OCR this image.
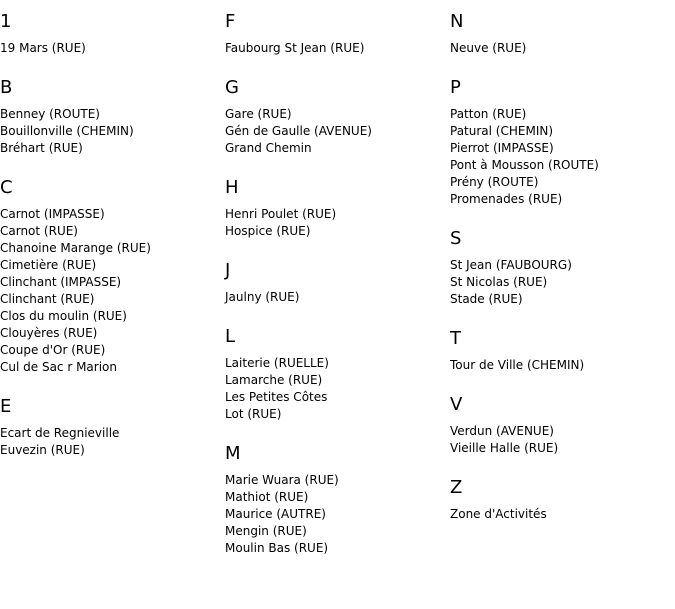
1
19 Mars (RUE)
B
Benney (ROUTE)
Bouillonville (CHEMIN)
Bréhart (RUE)
C
Carnot (IMPASSE)
Carnot (RUE)
Chanoine Marange (RUE)
Cimetière (RUE)
Clinchant (IMPASSE)
Clinchant (RUE)
Clos du moulin (RUE)
Clouyères (RUE)
Coupe d'Or (RUE)
Cul de Sac r Marion
E
Ecart de Regnieville
Euvezin (RUE)
F
Faubourg St Jean (RUE)
G
Gare (RUE)
Gén de Gaulle (AVENUE)
Grand Chemin
H
Henri Poulet (RUE)
Hospice (RUE)
J
Jaulny (RUE)
L
Laiterie (RUELLE)
Lamarche (RUE)
Les Petites Côtes
Lot (RUE)
M
Marie Wuara (RUE)
Mathiot (RUE)
Maurice (AUTRE)
Mengin (RUE)
Moulin Bas (RUE)
N
Neuve (RUE)
P
Patton (RUE)
Patural (CHEMIN)
Pierrot (IMPASSE)
Pont à Mousson (ROUTE)
Prény (ROUTE)
Promenades (RUE)
S
St Jean (FAUBOURG)
St Nicolas (RUE)
Stade (RUE)
T
Tour de Ville (CHEMIN)
V
Verdun (AVENUE)
Vieille Halle (RUE)
Z
Zone d'Activités
